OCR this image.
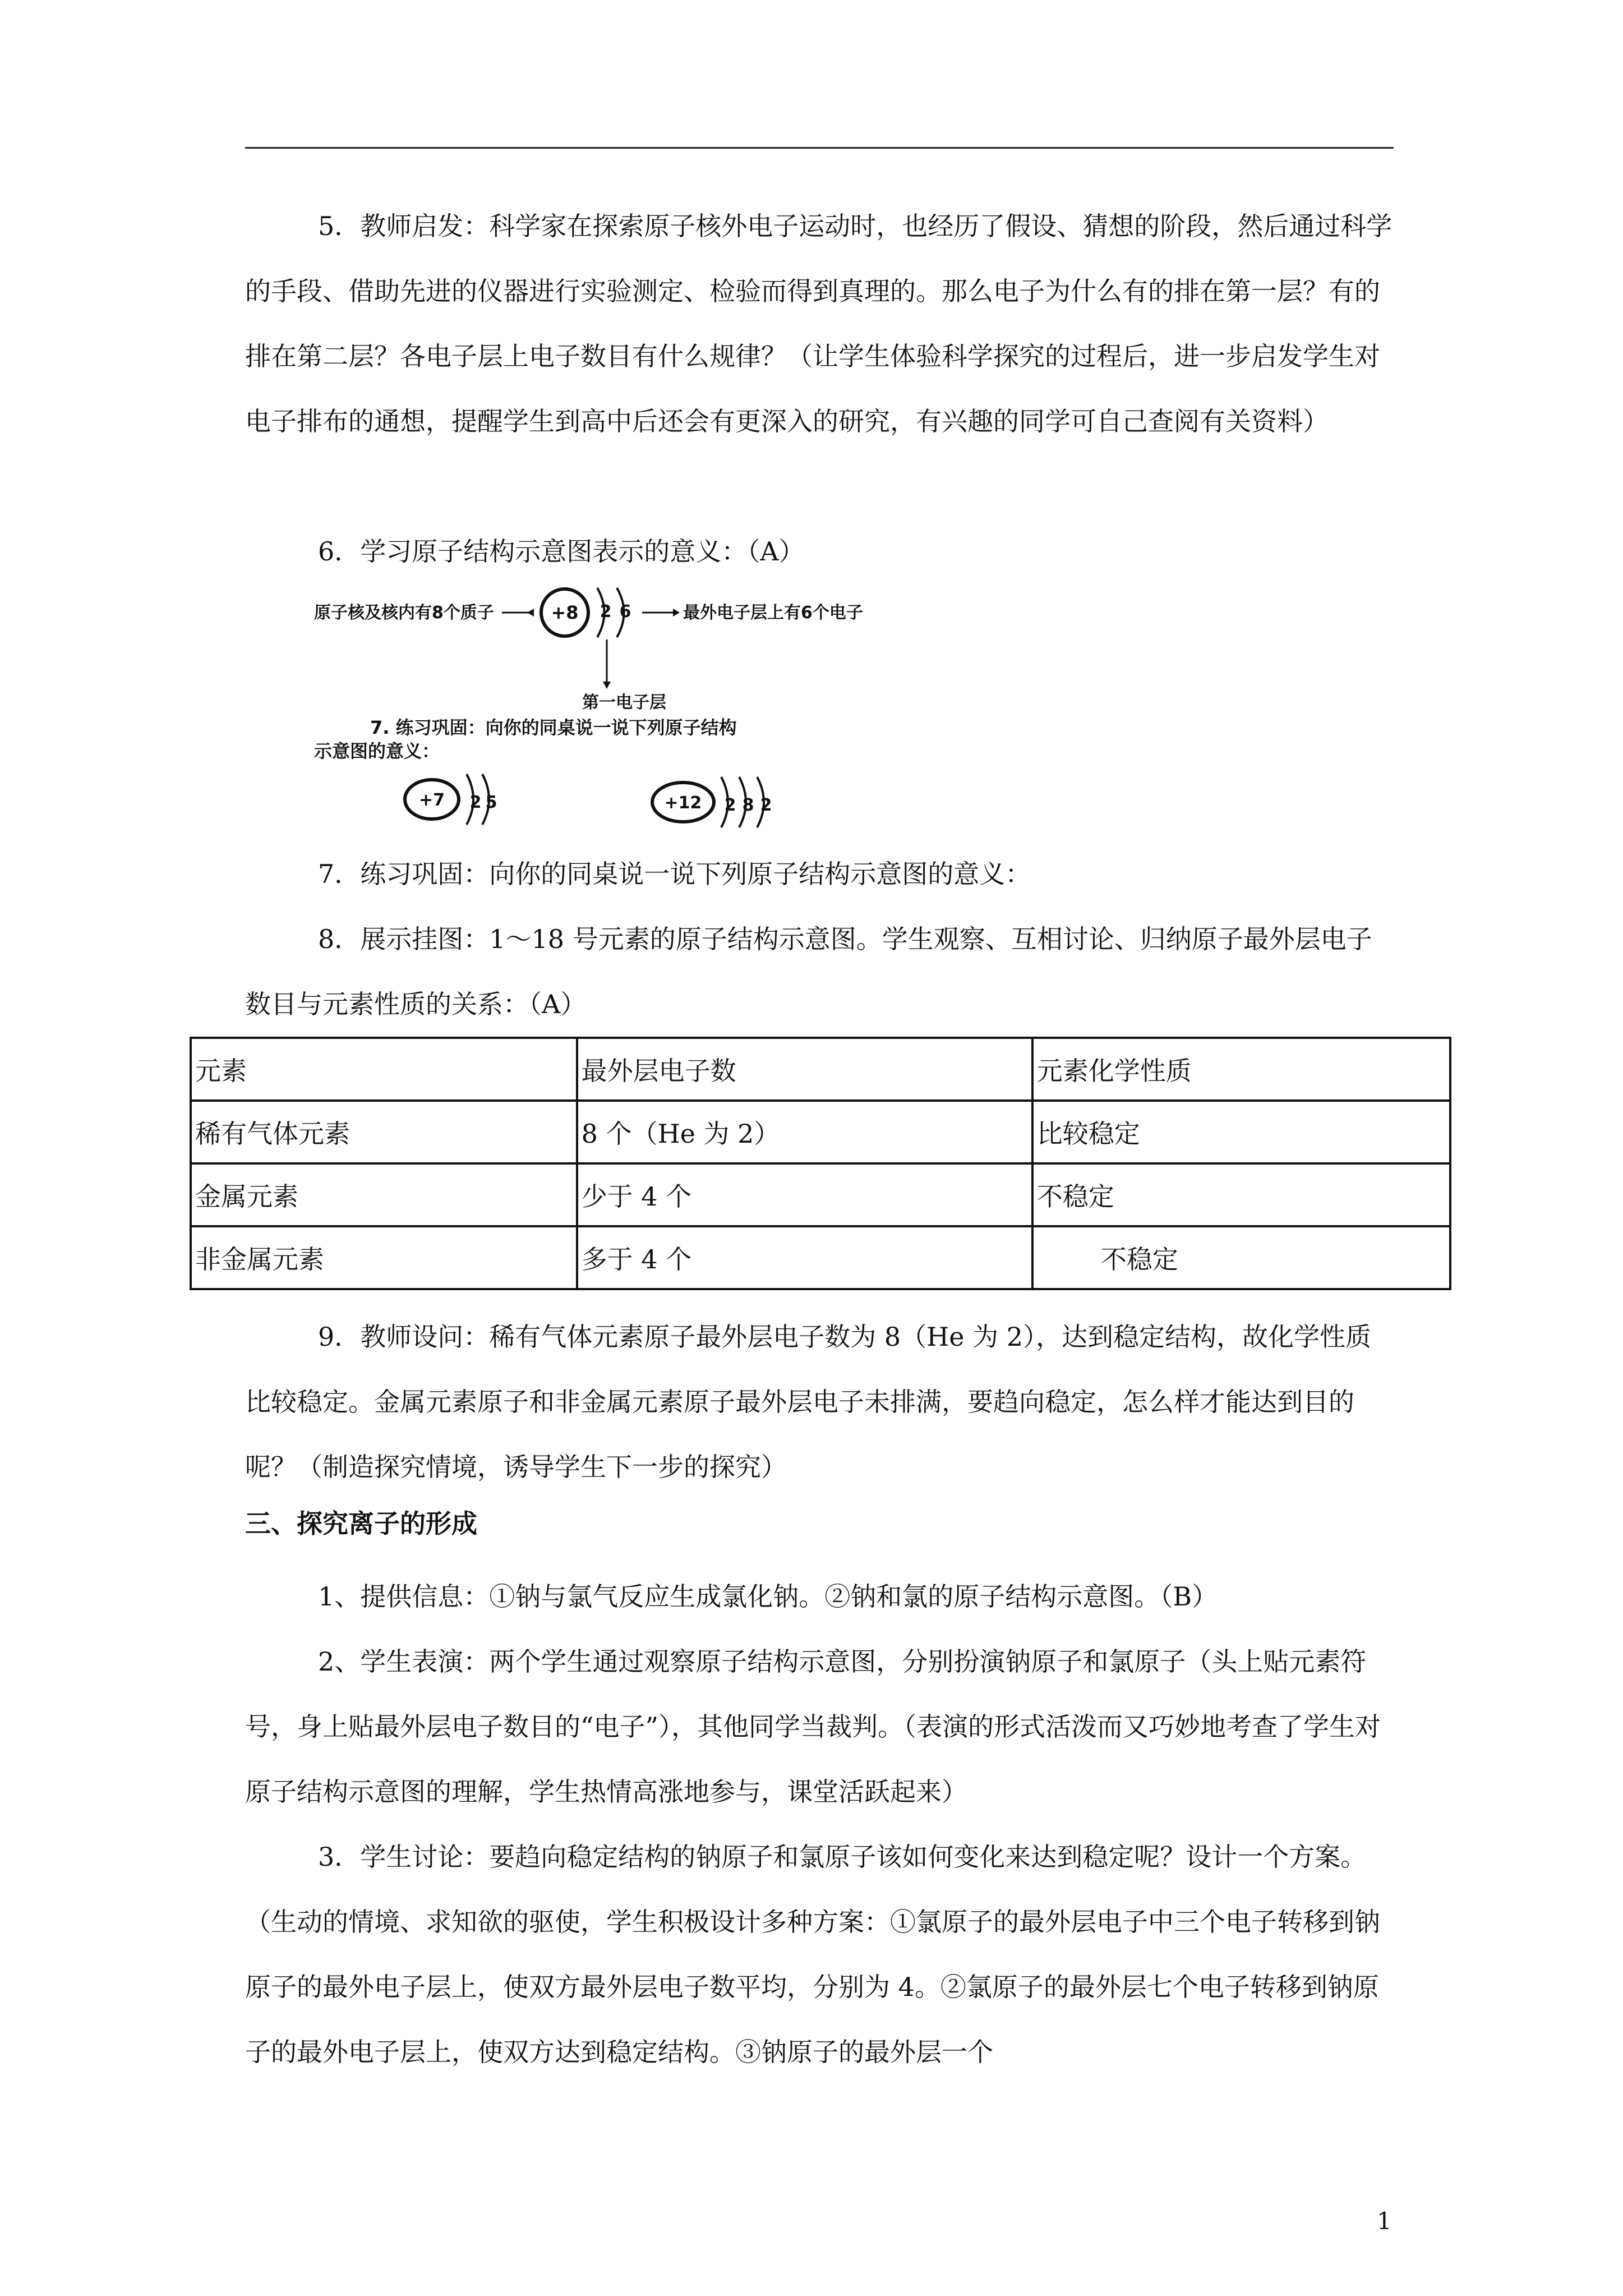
5．教师启发：科学家在探索原子核外电子运动时，也经历了假设、猜想的阶段，然后通过科学的手段、借助先进的仪器进行实验测定、检验而得到真理的。那么电子为什么有的排在第一层？有的排在第二层？各电子层上电子数目有什么规律？（让学生体验科学探究的过程后，进一步启发学生对电子排布的通想，提醒学生到高中后还会有更深入的研究，有兴趣的同学可自己查阅有关资料）

6．学习原子结构示意图表示的意义：（A）

原子核及核内有8个质子	+8 2 6	最外电子层上有6个电子
第一电子层
7. 练习巩固：向你的同桌说一说下列原子结构
示意图的意义：
+7 2 5	+12 2 8 2

7．练习巩固：向你的同桌说一说下列原子结构示意图的意义：

8．展示挂图：1～18 号元素的原子结构示意图。学生观察、互相讨论、归纳原子最外层电子数目与元素性质的关系：（A）

元素	最外层电子数	元素化学性质
稀有气体元素	8 个（He 为 2）	比较稳定
金属元素	少于 4 个	不稳定
非金属元素	多于 4 个	不稳定

9．教师设问：稀有气体元素原子最外层电子数为 8（He 为 2），达到稳定结构，故化学性质比较稳定。金属元素原子和非金属元素原子最外层电子未排满，要趋向稳定，怎么样才能达到目的呢？（制造探究情境，诱导学生下一步的探究）

三、探究离子的形成

1、提供信息：①钠与氯气反应生成氯化钠。②钠和氯的原子结构示意图。（B）

2、学生表演：两个学生通过观察原子结构示意图，分别扮演钠原子和氯原子（头上贴元素符号，身上贴最外层电子数目的“电子”），其他同学当裁判。（表演的形式活泼而又巧妙地考查了学生对原子结构示意图的理解，学生热情高涨地参与，课堂活跃起来）

3．学生讨论：要趋向稳定结构的钠原子和氯原子该如何变化来达到稳定呢？设计一个方案。（生动的情境、求知欲的驱使，学生积极设计多种方案：①氯原子的最外层电子中三个电子转移到钠原子的最外电子层上，使双方最外层电子数平均，分别为 4。②氯原子的最外层七个电子转移到钠原子的最外电子层上，使双方达到稳定结构。③钠原子的最外层一个

1
